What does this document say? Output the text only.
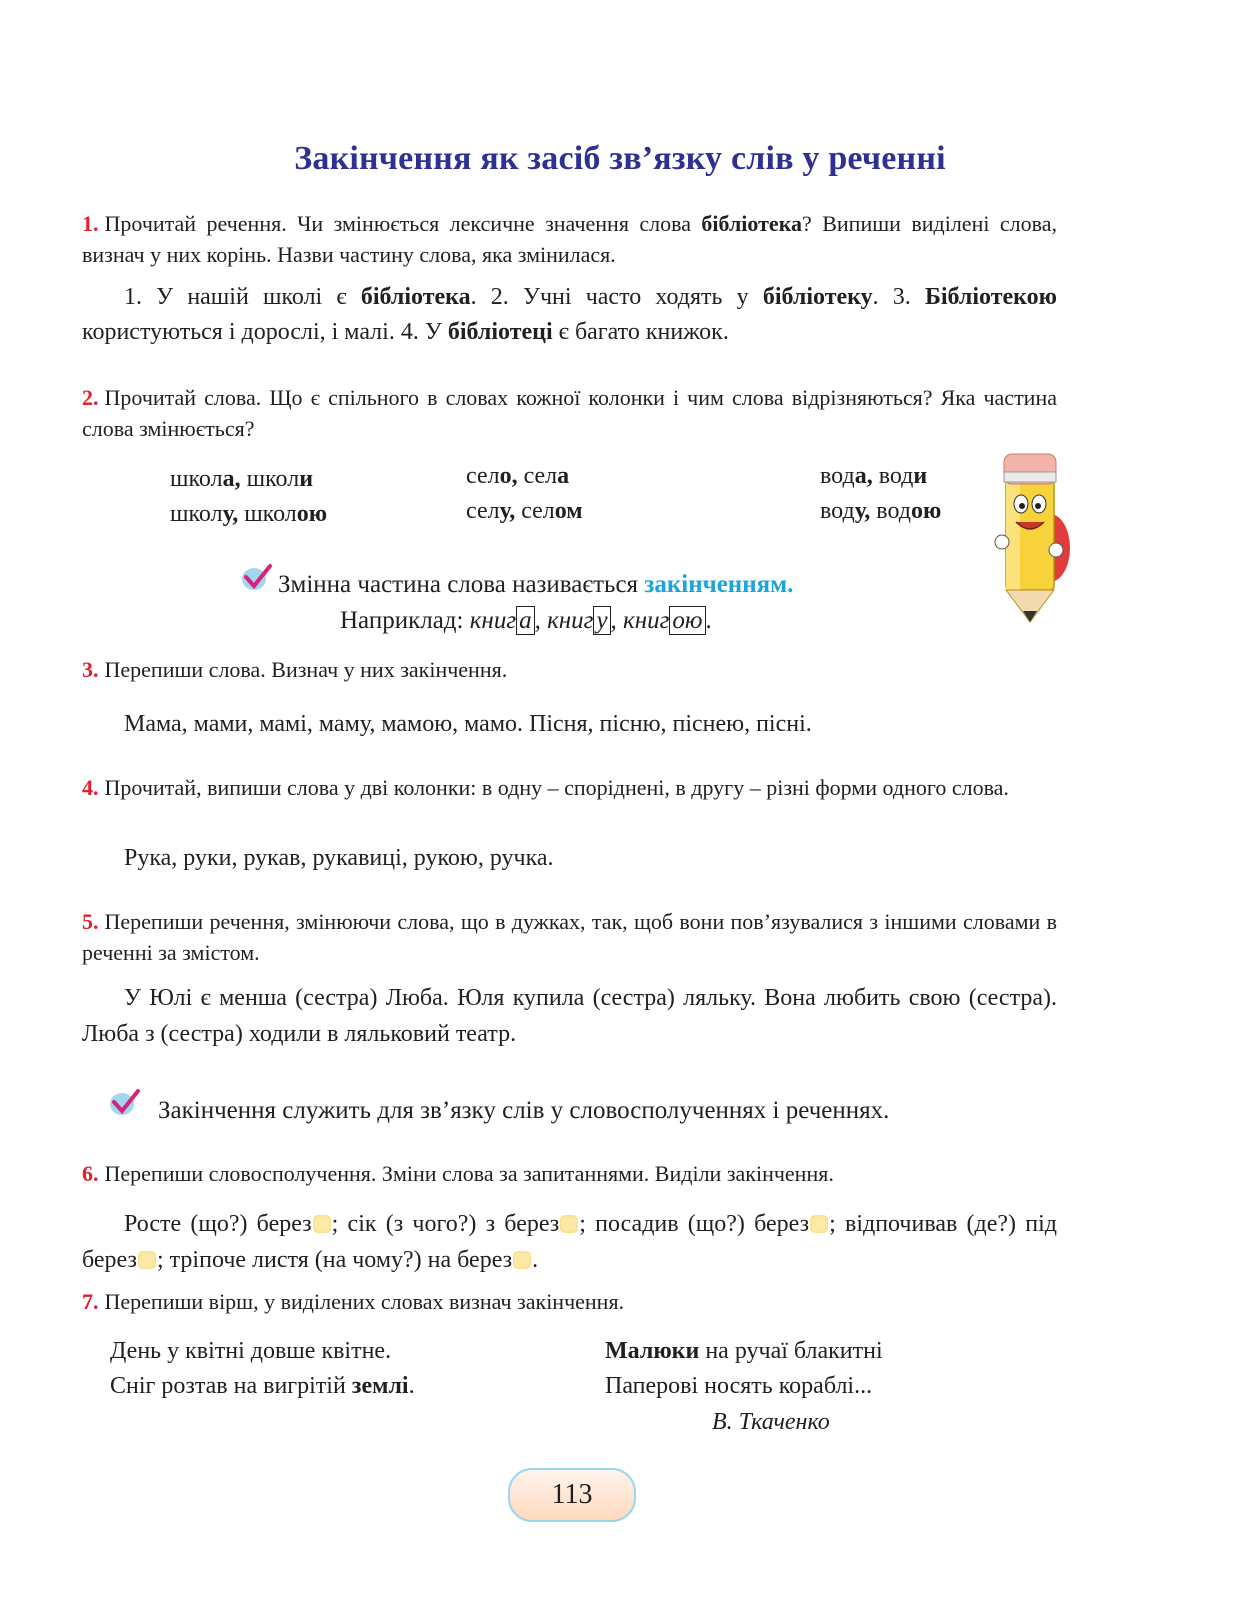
Закінчення як засіб зв’язку слів у реченні
1. Прочитай речення. Чи змінюється лексичне значення слова бібліотека? Випиши виділені слова, визнач у них корінь. Назви частину слова, яка змінилася.
1. У нашій школі є бібліотека. 2. Учні часто ходять у бібліотеку. 3. Бібліотекою користуються і дорослі, і малі. 4. У бібліотеці є багато книжок.
2. Прочитай слова. Що є спільного в словах кожної колонки і чим слова відрізняються? Яка частина слова змінюється?
школа, школи
школу, школою
село, села
селу, селом
вода, води
воду, водою
Змінна частина слова називається закінченням.
Наприклад: книг а , книг у , книг ою .
3. Перепиши слова. Визнач у них закінчення.
Мама, мами, мамі, маму, мамою, мамо. Пісня, пісню, піснею, пісні.
4. Прочитай, випиши слова у дві колонки: в одну – споріднені, в другу – різні форми одного слова.
Рука, руки, рукав, рукавиці, рукою, ручка.
5. Перепиши речення, змінюючи слова, що в дужках, так, щоб вони пов’язувалися з іншими словами в реченні за змістом.
У Юлі є менша (сестра) Люба. Юля купила (сестра) ляльку. Вона любить свою (сестра). Люба з (сестра) ходили в ляльковий театр.
Закінчення служить для зв’язку слів у словосполученнях і реченнях.
6. Перепиши словосполучення. Зміни слова за запитаннями. Виділи закінчення.
Росте (що?) берез ; сік (з чого?) з берез ; посадив (що?) берез ; відпочивав (де?) під берез ; тріпоче листя (на чому?) на берез .
7. Перепиши вірш, у виділених словах визнач закінчення.
День у квітні довше квітне.
Сніг розтав на вигрітій землі.
Малюки на ручаї блакитні
Паперові носять кораблі...
В. Ткаченко
113
